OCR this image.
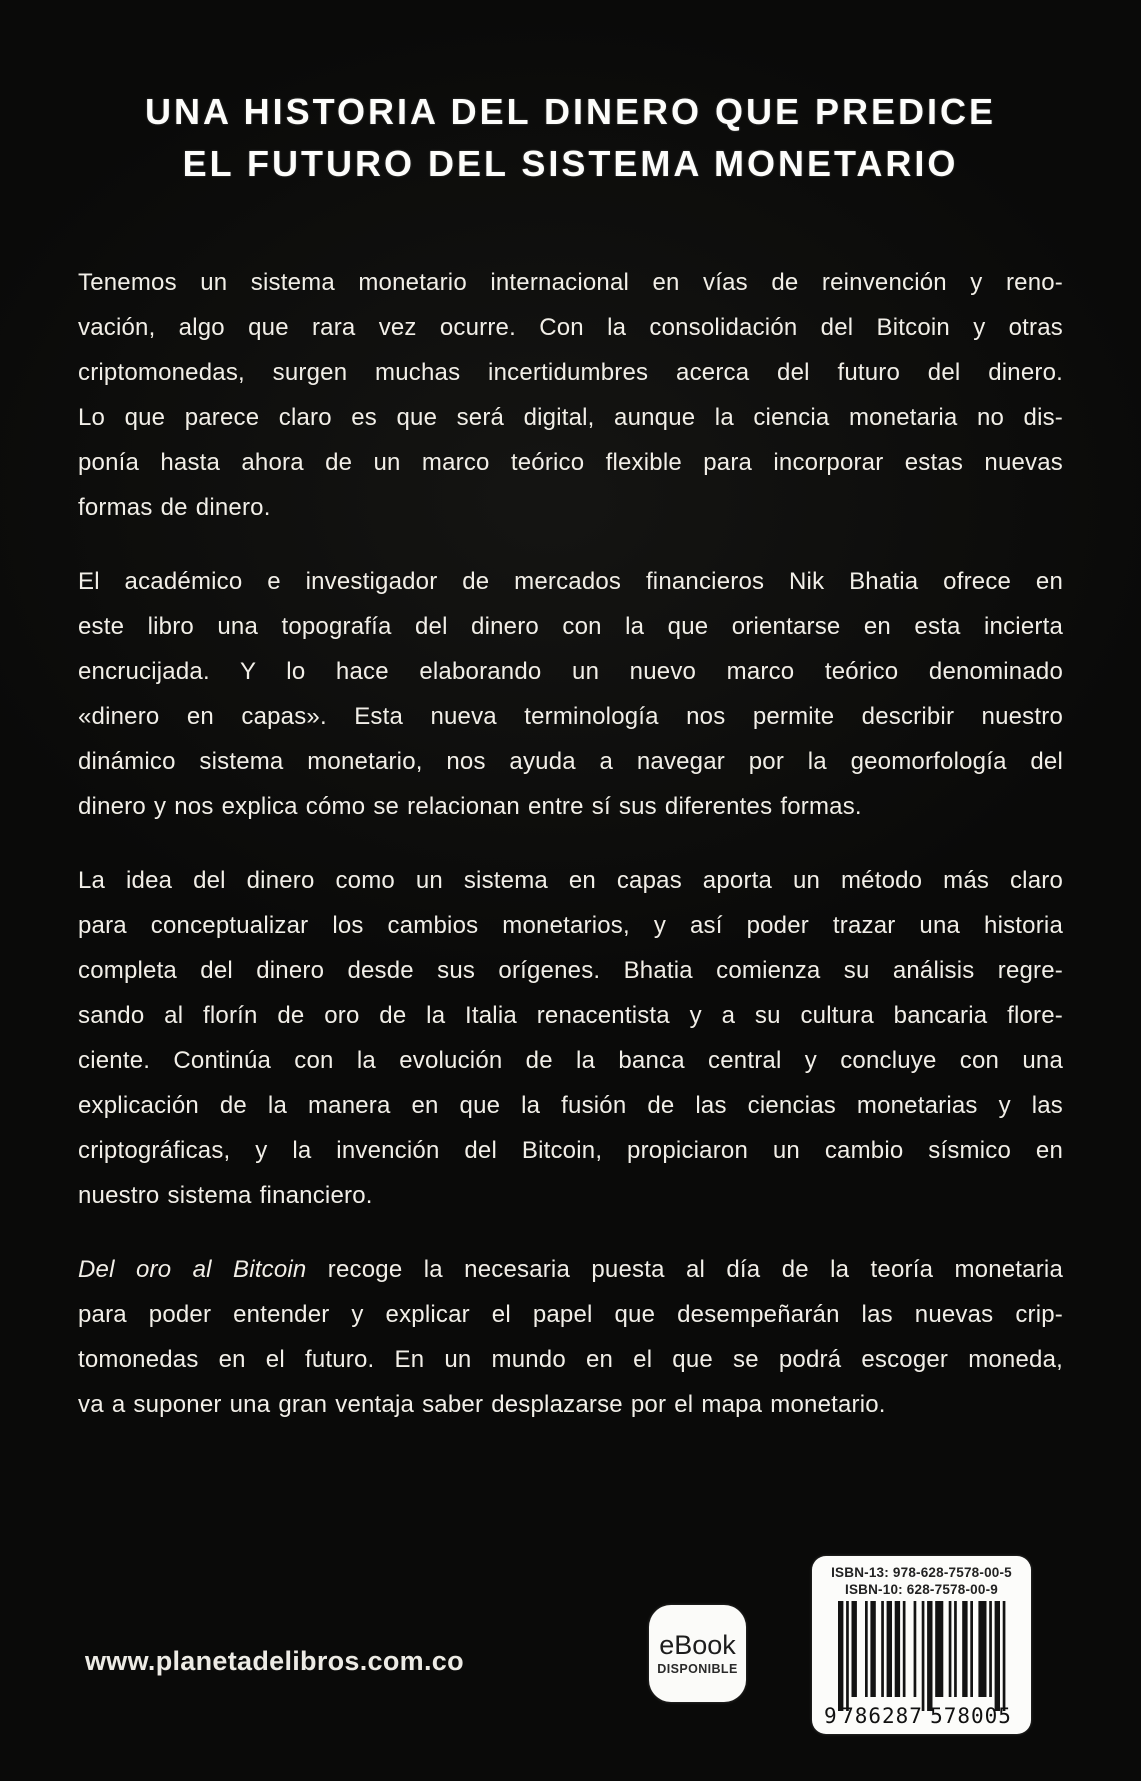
UNA HISTORIA DEL DINERO QUE PREDICE
EL FUTURO DEL SISTEMA MONETARIO
Tenemos un sistema monetario internacional en vías de reinvención y reno-
vación, algo que rara vez ocurre. Con la consolidación del Bitcoin y otras
criptomonedas, surgen muchas incertidumbres acerca del futuro del dinero.
Lo que parece claro es que será digital, aunque la ciencia monetaria no dis-
ponía hasta ahora de un marco teórico flexible para incorporar estas nuevas
formas de dinero.
El académico e investigador de mercados financieros Nik Bhatia ofrece en
este libro una topografía del dinero con la que orientarse en esta incierta
encrucijada. Y lo hace elaborando un nuevo marco teórico denominado
«dinero en capas». Esta nueva terminología nos permite describir nuestro
dinámico sistema monetario, nos ayuda a navegar por la geomorfología del
dinero y nos explica cómo se relacionan entre sí sus diferentes formas.
La idea del dinero como un sistema en capas aporta un método más claro
para conceptualizar los cambios monetarios, y así poder trazar una historia
completa del dinero desde sus orígenes. Bhatia comienza su análisis regre-
sando al florín de oro de la Italia renacentista y a su cultura bancaria flore-
ciente. Continúa con la evolución de la banca central y concluye con una
explicación de la manera en que la fusión de las ciencias monetarias y las
criptográficas, y la invención del Bitcoin, propiciaron un cambio sísmico en
nuestro sistema financiero.
Del oro al Bitcoin recoge la necesaria puesta al día de la teoría monetaria
para poder entender y explicar el papel que desempeñarán las nuevas crip-
tomonedas en el futuro. En un mundo en el que se podrá escoger moneda,
va a suponer una gran ventaja saber desplazarse por el mapa monetario.
www.planetadelibros.com.co
eBook
DISPONIBLE
ISBN-13: 978-628-7578-00-5
ISBN-10: 628-7578-00-9
9 786287 578005
